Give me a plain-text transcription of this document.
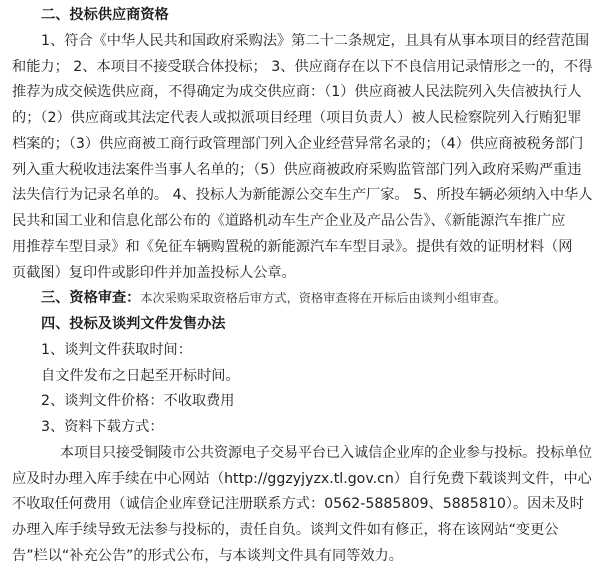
二、投标供应商资格
1、符合《中华人民共和国政府采购法》第二十二条规定，且具有从事本项目的经营范围
和能力； 2、本项目不接受联合体投标； 3、供应商存在以下不良信用记录情形之一的，不得
推荐为成交候选供应商，不得确定为成交供应商：（1）供应商被人民法院列入失信被执行人
的；（2）供应商或其法定代表人或拟派项目经理（项目负责人）被人民检察院列入行贿犯罪
档案的；（3）供应商被工商行政管理部门列入企业经营异常名录的；（4）供应商被税务部门
列入重大税收违法案件当事人名单的；（5）供应商被政府采购监管部门列入政府采购严重违
法失信行为记录名单的。 4、投标人为新能源公交车生产厂家。 5、所投车辆必须纳入中华人
民共和国工业和信息化部公布的《道路机动车生产企业及产品公告》、《新能源汽车推广应
用推荐车型目录》和《免征车辆购置税的新能源汽车车型目录》。提供有效的证明材料（网
页截图）复印件或影印件并加盖投标人公章。
三、资格审查：本次采购采取资格后审方式，资格审查将在开标后由谈判小组审查。
四、投标及谈判文件发售办法
1、谈判文件获取时间：
自文件发布之日起至开标时间。
2、谈判文件价格：不收取费用
3、资料下载方式：
本项目只接受铜陵市公共资源电子交易平台已入诚信企业库的企业参与投标。投标单位
应及时办理入库手续在中心网站（http://ggzyjyzx.tl.gov.cn）自行免费下载谈判文件，中心
不收取任何费用（诚信企业库登记注册联系方式：0562-5885809、5885810）。因未及时
办理入库手续导致无法参与投标的，责任自负。谈判文件如有修正，将在该网站“变更公
告”栏以“补充公告”的形式公布，与本谈判文件具有同等效力。
